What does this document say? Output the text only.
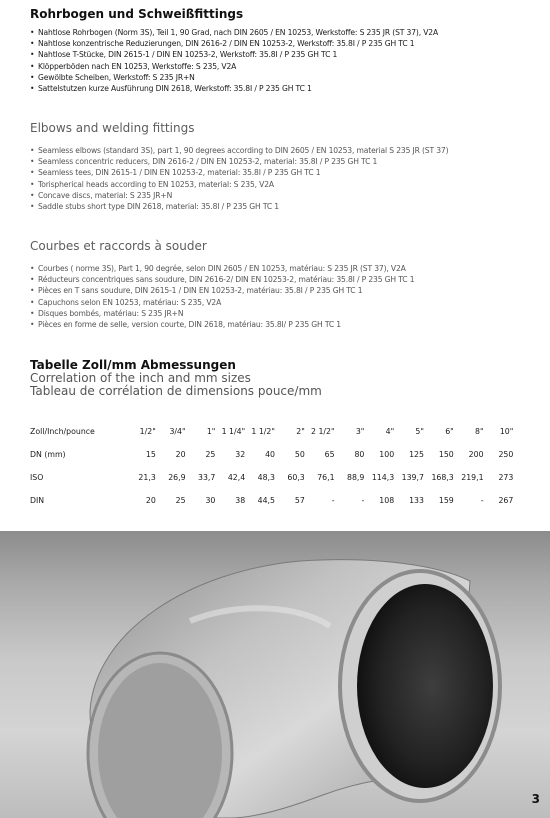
Rohrbogen und Schweißfittings
• Nahtlose Rohrbogen (Norm 3S), Teil 1, 90 Grad, nach DIN 2605 / EN 10253, Werkstoffe: S 235 JR (ST 37), V2A
• Nahtlose konzentrische Reduzierungen, DIN 2616-2 / DIN EN 10253-2, Werkstoff: 35.8I / P 235 GH TC 1
• Nahtlose T-Stücke, DIN 2615-1 / DIN EN 10253-2, Werkstoff: 35.8I / P 235 GH TC 1
• Klöpperböden nach EN 10253, Werkstoffe: S 235, V2A
• Gewölbte Scheiben, Werkstoff: S 235 JR+N
• Sattelstutzen kurze Ausführung DIN 2618, Werkstoff: 35.8I / P 235 GH TC 1
Elbows and welding fittings
• Seamless elbows (standard 3S), part 1, 90 degrees according to DIN 2605 / EN 10253, material S 235 JR (ST 37)
• Seamless concentric reducers, DIN 2616-2 / DIN EN 10253-2, material: 35.8I / P 235 GH TC 1
• Seamless tees, DIN 2615-1 / DIN EN 10253-2, material: 35.8I / P 235 GH TC 1
• Torispherical heads according to EN 10253, material: S 235, V2A
• Concave discs, material: S 235 JR+N
• Saddle stubs short type DIN 2618, material: 35.8I / P 235 GH TC 1
Courbes et raccords à souder
• Courbes ( norme 3S), Part 1, 90 degrée, selon DIN 2605 / EN 10253, matériau: S 235 JR (ST 37), V2A
• Réducteurs concentriques sans soudure, DIN 2616-2/ DIN EN 10253-2, matériau: 35.8I / P 235 GH TC 1
• Pièces en T sans soudure, DIN 2615-1 / DIN EN 10253-2, matériau: 35.8I / P 235 GH TC 1
• Capuchons selon EN 10253, matériau: S 235, V2A
• Disques bombés, matériau: S 235 JR+N
• Pièces en forme de selle, version courte, DIN 2618, matériau: 35.8I/ P 235 GH TC 1
Tabelle Zoll/mm Abmessungen
Correlation of the inch and mm sizes
Tableau de corrélation de dimensions pouce/mm
Zoll/Inch/pounce	1/2"	3/4"	1"	1 1/4"	1 1/2"	2"	2 1/2"	3"	4"	5"	6"	8"	10"
DN (mm)	15	20	25	32	40	50	65	80	100	125	150	200	250
ISO	21,3	26,9	33,7	42,4	48,3	60,3	76,1	88,9	114,3	139,7	168,3	219,1	273
DIN	20	25	30	38	44,5	57	-	-	108	133	159	-	267
3
